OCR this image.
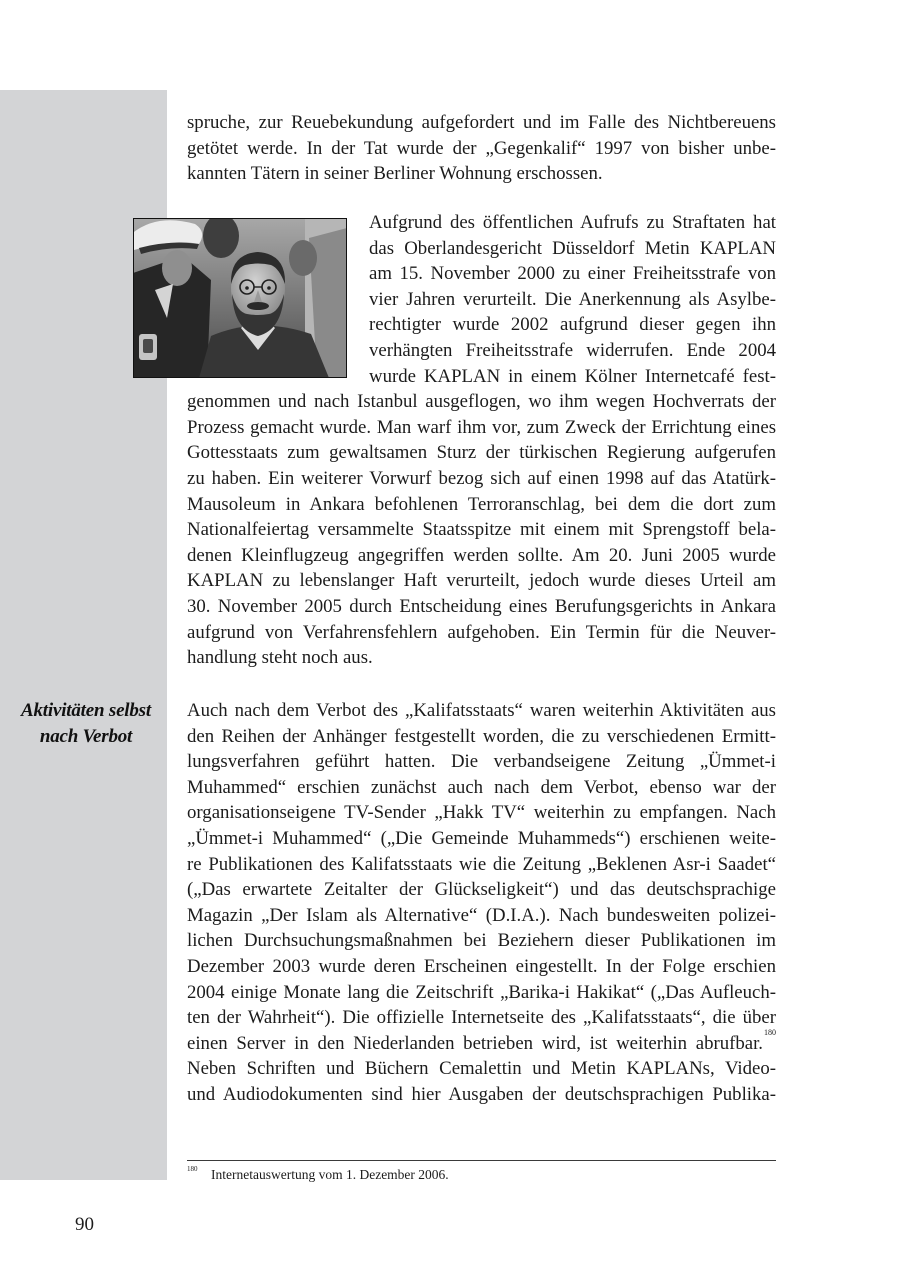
spruche, zur Reuebekundung aufgefordert und im Falle des Nichtbereuens
getötet werde. In der Tat wurde der „Gegenkalif“ 1997 von bisher unbe-
kannten Tätern in seiner Berliner Wohnung erschossen.
Aufgrund des öffentlichen Aufrufs zu Straftaten hat
das Oberlandesgericht Düsseldorf Metin KAPLAN
am 15. November 2000 zu einer Freiheitsstrafe von
vier Jahren verurteilt. Die Anerkennung als Asylbe-
rechtigter wurde 2002 aufgrund dieser gegen ihn
verhängten Freiheitsstrafe widerrufen. Ende 2004
wurde KAPLAN in einem Kölner Internetcafé fest-
genommen und nach Istanbul ausgeflogen, wo ihm wegen Hochverrats der
Prozess gemacht wurde. Man warf ihm vor, zum Zweck der Errichtung eines
Gottesstaats zum gewaltsamen Sturz der türkischen Regierung aufgerufen
zu haben. Ein weiterer Vorwurf bezog sich auf einen 1998 auf das Atatürk-
Mausoleum in Ankara befohlenen Terroranschlag, bei dem die dort zum
Nationalfeiertag versammelte Staatsspitze mit einem mit Sprengstoff bela-
denen Kleinflugzeug angegriffen werden sollte. Am 20. Juni 2005 wurde
KAPLAN zu lebenslanger Haft verurteilt, jedoch wurde dieses Urteil am
30. November 2005 durch Entscheidung eines Berufungsgerichts in Ankara
aufgrund von Verfahrensfehlern aufgehoben. Ein Termin für die Neuver-
handlung steht noch aus.
Aktivitäten selbst
nach Verbot
Auch nach dem Verbot des „Kalifatsstaats“ waren weiterhin Aktivitäten aus
den Reihen der Anhänger festgestellt worden, die zu verschiedenen Ermitt-
lungsverfahren geführt hatten. Die verbandseigene Zeitung „Ümmet-i
Muhammed“ erschien zunächst auch nach dem Verbot, ebenso war der
organisationseigene TV-Sender „Hakk TV“ weiterhin zu empfangen. Nach
„Ümmet-i Muhammed“ („Die Gemeinde Muhammeds“) erschienen weite-
re Publikationen des Kalifatsstaats wie die Zeitung „Beklenen Asr-i Saadet“
(„Das erwartete Zeitalter der Glückseligkeit“) und das deutschsprachige
Magazin „Der Islam als Alternative“ (D.I.A.). Nach bundesweiten polizei-
lichen Durchsuchungsmaßnahmen bei Beziehern dieser Publikationen im
Dezember 2003 wurde deren Erscheinen eingestellt. In der Folge erschien
2004 einige Monate lang die Zeitschrift „Barika-i Hakikat“ („Das Aufleuch-
ten der Wahrheit“). Die offizielle Internetseite des „Kalifatsstaats“, die über
einen Server in den Niederlanden betrieben wird, ist weiterhin abrufbar.$^{180}$
Neben Schriften und Büchern Cemalettin und Metin KAPLANs, Video-
und Audiodokumenten sind hier Ausgaben der deutschsprachigen Publika-
180 Internetauswertung vom 1. Dezember 2006.
90
